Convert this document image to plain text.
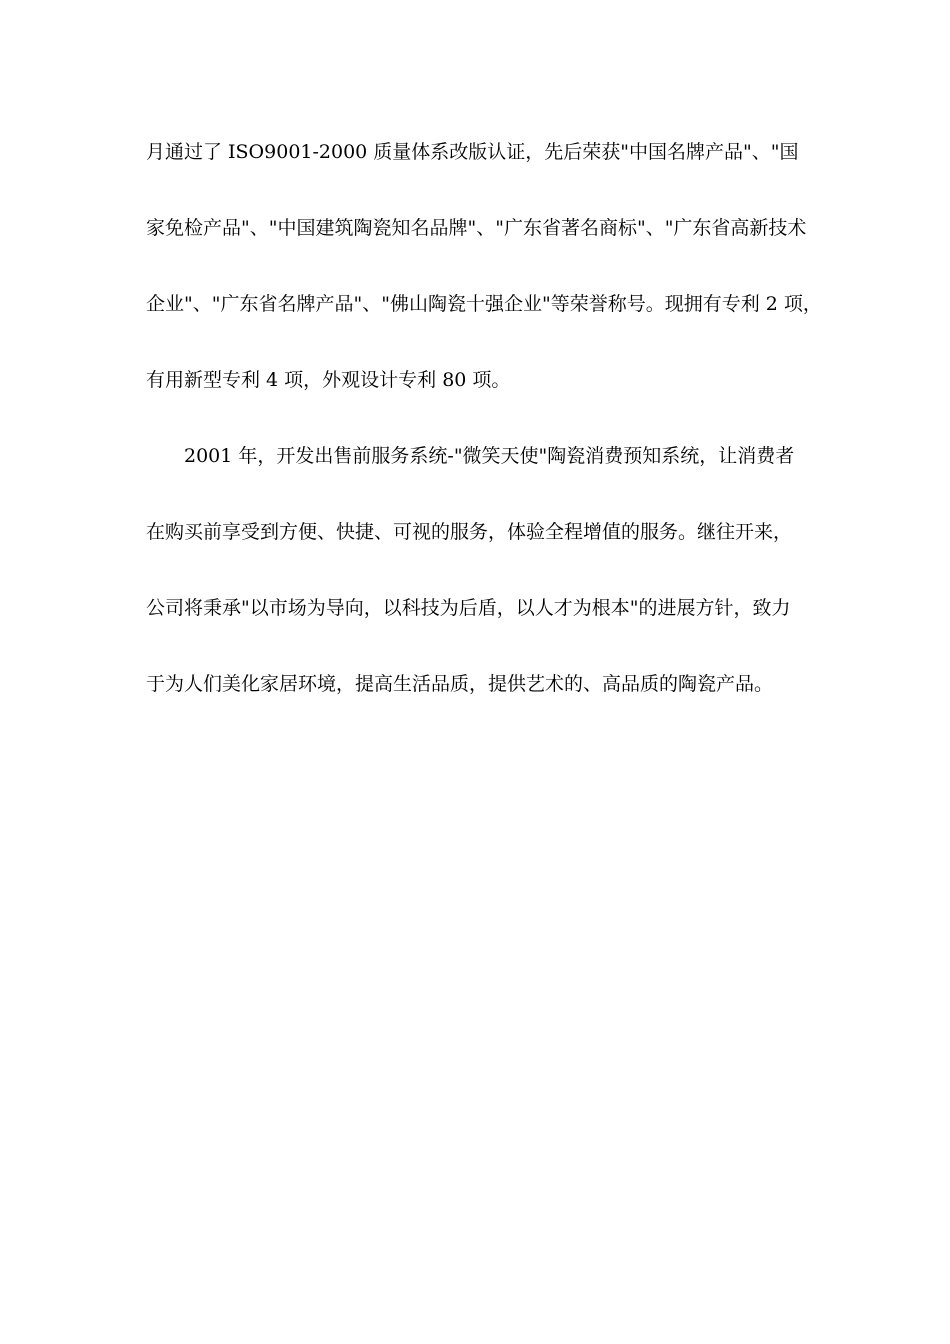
月通过了 ISO9001-2000 质量体系改版认证，先后荣获"中国名牌产品"、"国
家免检产品"、"中国建筑陶瓷知名品牌"、"广东省著名商标"、"广东省高新技术
企业"、"广东省名牌产品"、"佛山陶瓷十强企业"等荣誉称号。现拥有专利 2 项，
有用新型专利 4 项，外观设计专利 80 项。
2001 年，开发出售前服务系统-"微笑天使"陶瓷消费预知系统，让消费者
在购买前享受到方便、快捷、可视的服务，体验全程增值的服务。继往开来，
公司将秉承"以市场为导向，以科技为后盾，以人才为根本"的进展方针，致力
于为人们美化家居环境，提高生活品质，提供艺术的、高品质的陶瓷产品。
